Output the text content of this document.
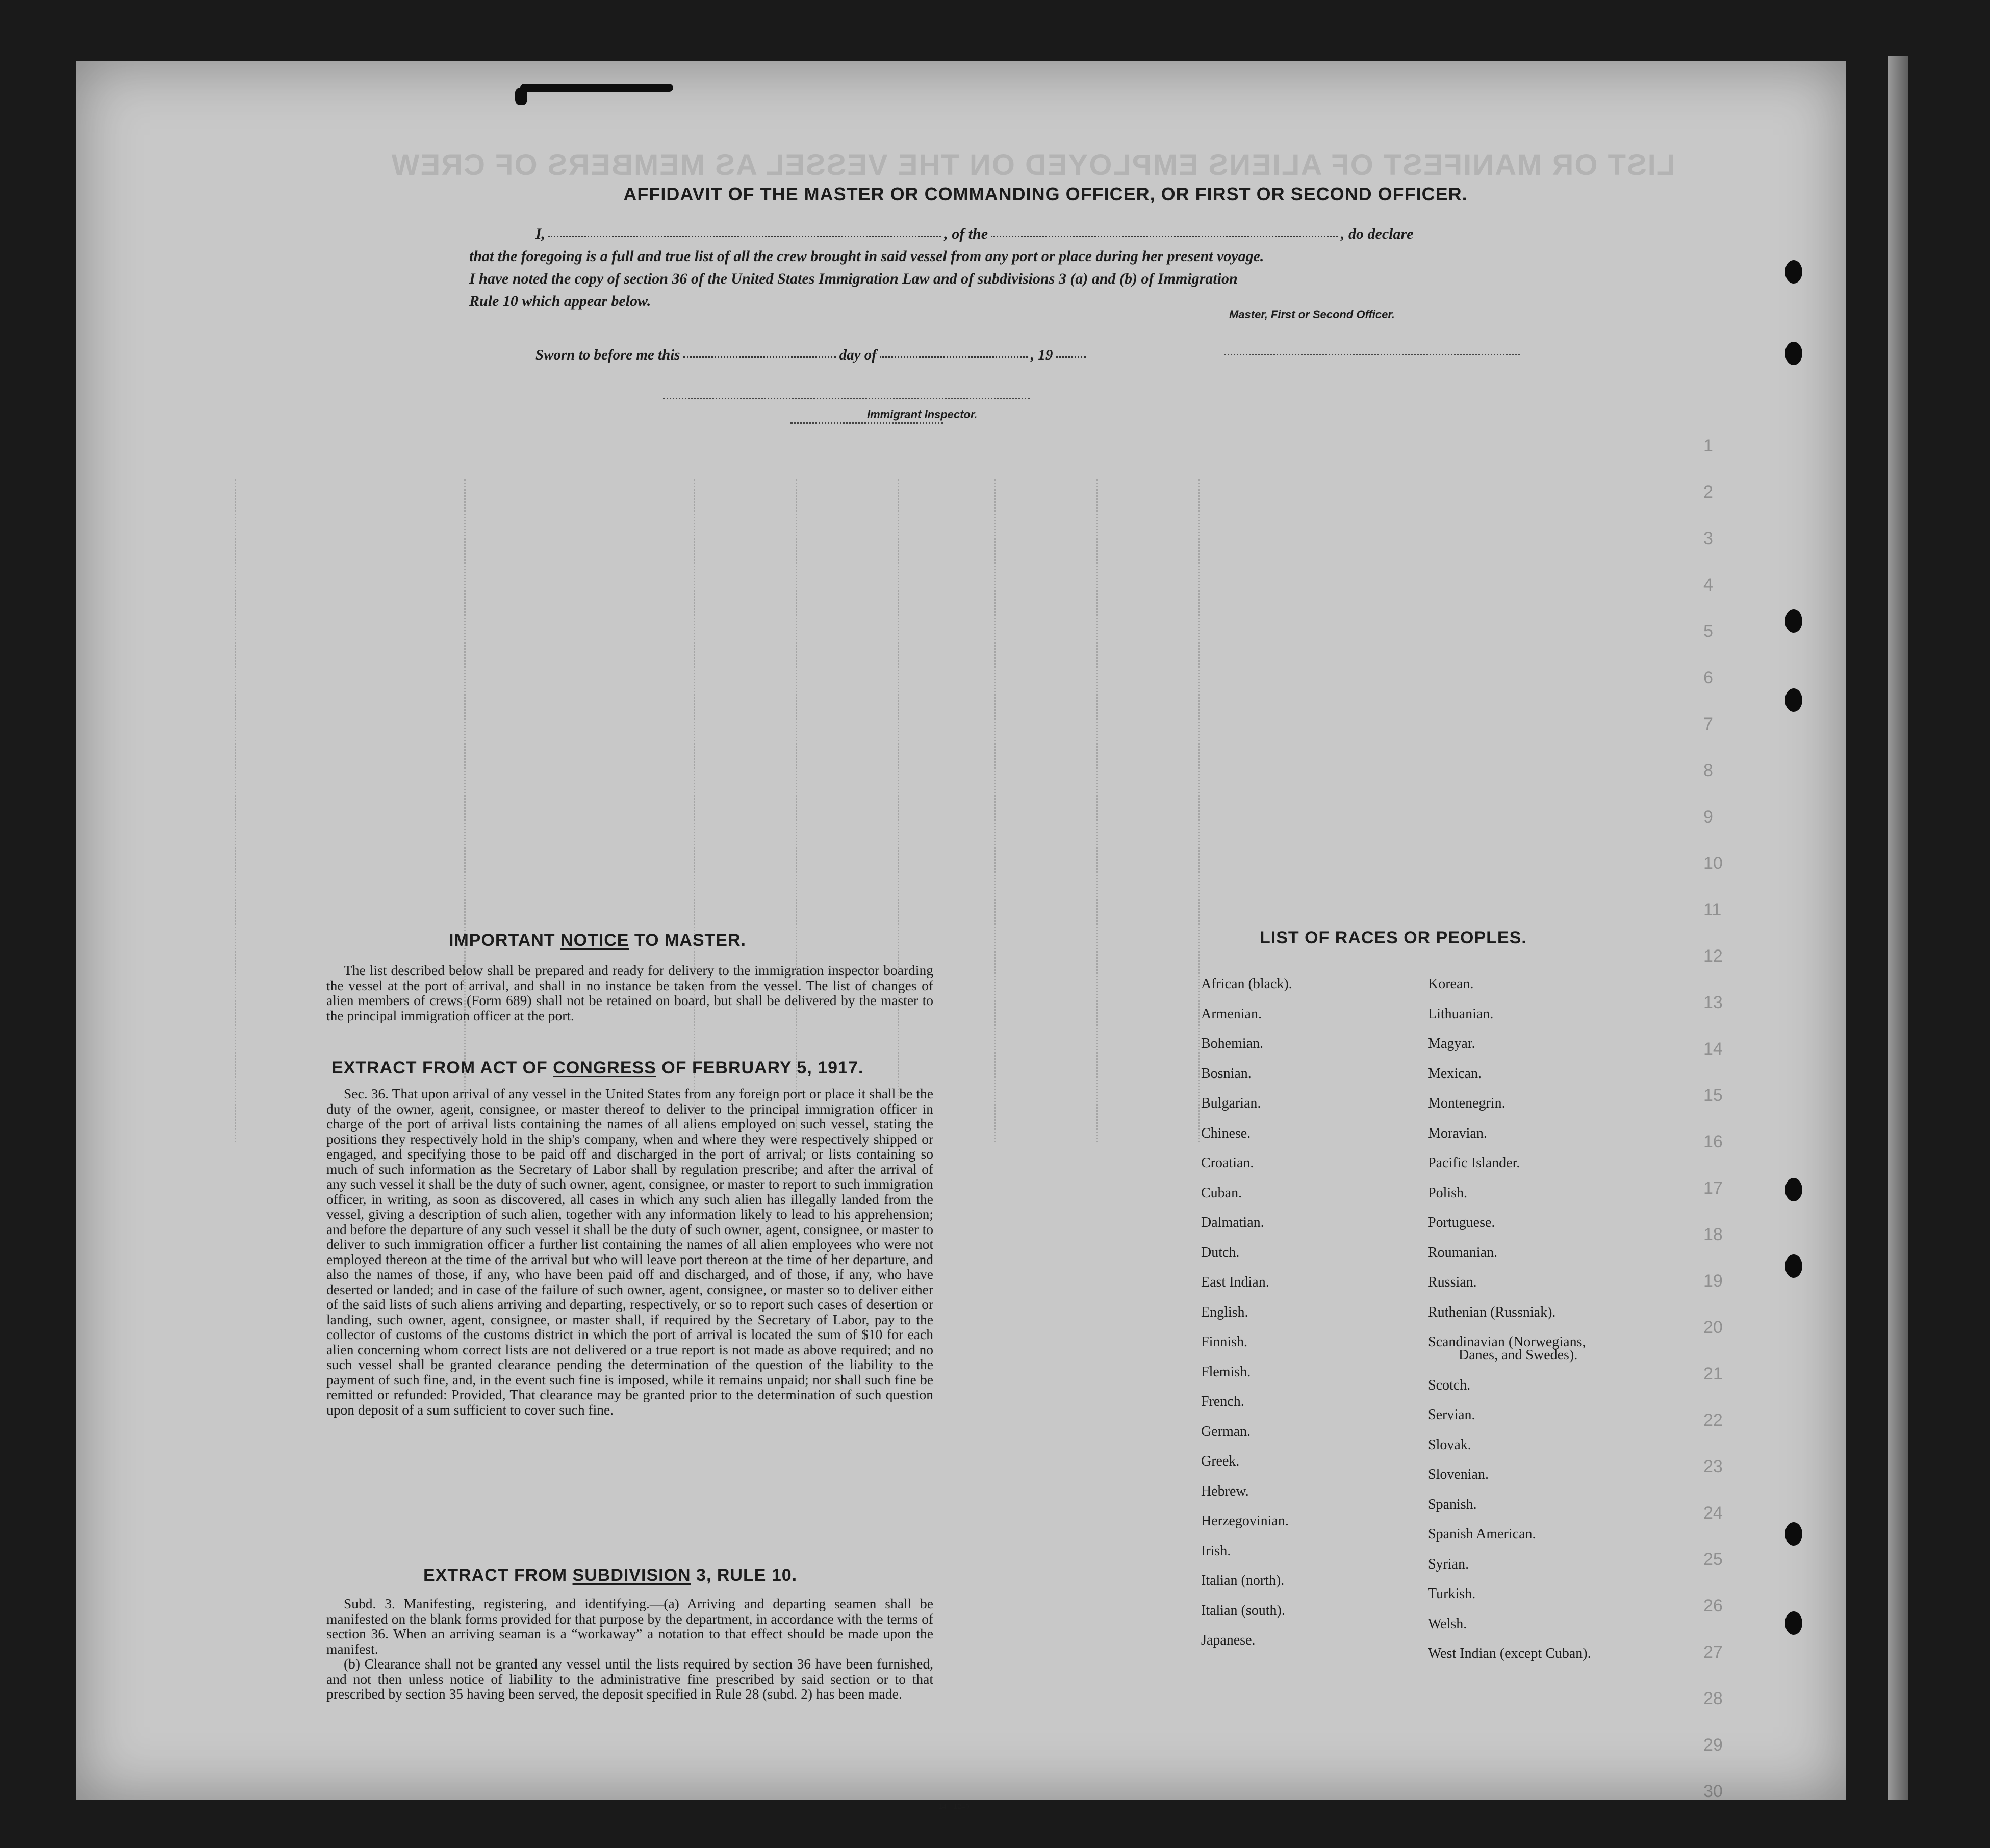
LIST OR MANIFEST OF ALIENS EMPLOYED ON THE VESSEL AS MEMBERS OF CREW
1
2
3
4
5
6
7
8
9
10
11
12
13
14
15
16
17
18
19
20
21
22
23
24
25
26
27
28
29
30
AFFIDAVIT OF THE MASTER OR COMMANDING OFFICER, OR FIRST OR SECOND OFFICER.
I,	, of the	, do declare
that the foregoing is a full and true list of all the crew brought in said vessel from any port or place during her present voyage.
I have noted the copy of section 36 of the United States Immigration Law and of subdivisions 3 (a) and (b) of Immigration
Rule 10 which appear below.
Master, First or Second Officer.
Sworn to before me this	day of	, 19
Immigrant Inspector.
IMPORTANT NOTICE TO MASTER.

The list described below shall be prepared and ready for delivery to the immigration inspector boarding the vessel at the port of arrival, and shall in no instance be taken from the vessel. The list of changes of alien members of crews (Form 689) shall not be retained on board, but shall be delivered by the master to the principal immigration officer at the port.

EXTRACT FROM ACT OF CONGRESS OF FEBRUARY 5, 1917.

Sec. 36. That upon arrival of any vessel in the United States from any foreign port or place it shall be the duty of the owner, agent, consignee, or master thereof to deliver to the principal immigration officer in charge of the port of arrival lists containing the names of all aliens employed on such vessel, stating the positions they respectively hold in the ship's company, when and where they were respectively shipped or engaged, and specifying those to be paid off and discharged in the port of arrival; or lists containing so much of such information as the Secretary of Labor shall by regulation prescribe; and after the arrival of any such vessel it shall be the duty of such owner, agent, consignee, or master to report to such immigration officer, in writing, as soon as discovered, all cases in which any such alien has illegally landed from the vessel, giving a description of such alien, together with any information likely to lead to his apprehension; and before the departure of any such vessel it shall be the duty of such owner, agent, consignee, or master to deliver to such immigration officer a further list containing the names of all alien employees who were not employed thereon at the time of the arrival but who will leave port thereon at the time of her departure, and also the names of those, if any, who have been paid off and discharged, and of those, if any, who have deserted or landed; and in case of the failure of such owner, agent, consignee, or master so to deliver either of the said lists of such aliens arriving and departing, respectively, or so to report such cases of desertion or landing, such owner, agent, consignee, or master shall, if required by the Secretary of Labor, pay to the collector of customs of the customs district in which the port of arrival is located the sum of $10 for each alien concerning whom correct lists are not delivered or a true report is not made as above required; and no such vessel shall be granted clearance pending the determination of the question of the liability to the payment of such fine, and, in the event such fine is imposed, while it remains unpaid; nor shall such fine be remitted or refunded: Provided, That clearance may be granted prior to the determination of such question upon deposit of a sum sufficient to cover such fine.

EXTRACT FROM SUBDIVISION 3, RULE 10.

Subd. 3. Manifesting, registering, and identifying.—(a) Arriving and departing seamen shall be manifested on the blank forms provided for that purpose by the department, in accordance with the terms of section 36. When an arriving seaman is a “workaway” a notation to that effect should be made upon the manifest.

(b) Clearance shall not be granted any vessel until the lists required by section 36 have been furnished, and not then unless notice of liability to the administrative fine prescribed by said section or to that prescribed by section 35 having been served, the deposit specified in Rule 28 (subd. 2) has been made.

14—1240
LIST OF RACES OR PEOPLES.
African (black).
Armenian.
Bohemian.
Bosnian.
Bulgarian.
Chinese.
Croatian.
Cuban.
Dalmatian.
Dutch.
East Indian.
English.
Finnish.
Flemish.
French.
German.
Greek.
Hebrew.
Herzegovinian.
Irish.
Italian (north).
Italian (south).
Japanese.
Korean.
Lithuanian.
Magyar.
Mexican.
Montenegrin.
Moravian.
Pacific Islander.
Polish.
Portuguese.
Roumanian.
Russian.
Ruthenian (Russniak).
Scandinavian (Norwegians,
Danes, and Swedes).
Scotch.
Servian.
Slovak.
Slovenian.
Spanish.
Spanish American.
Syrian.
Turkish.
Welsh.
West Indian (except Cuban).
